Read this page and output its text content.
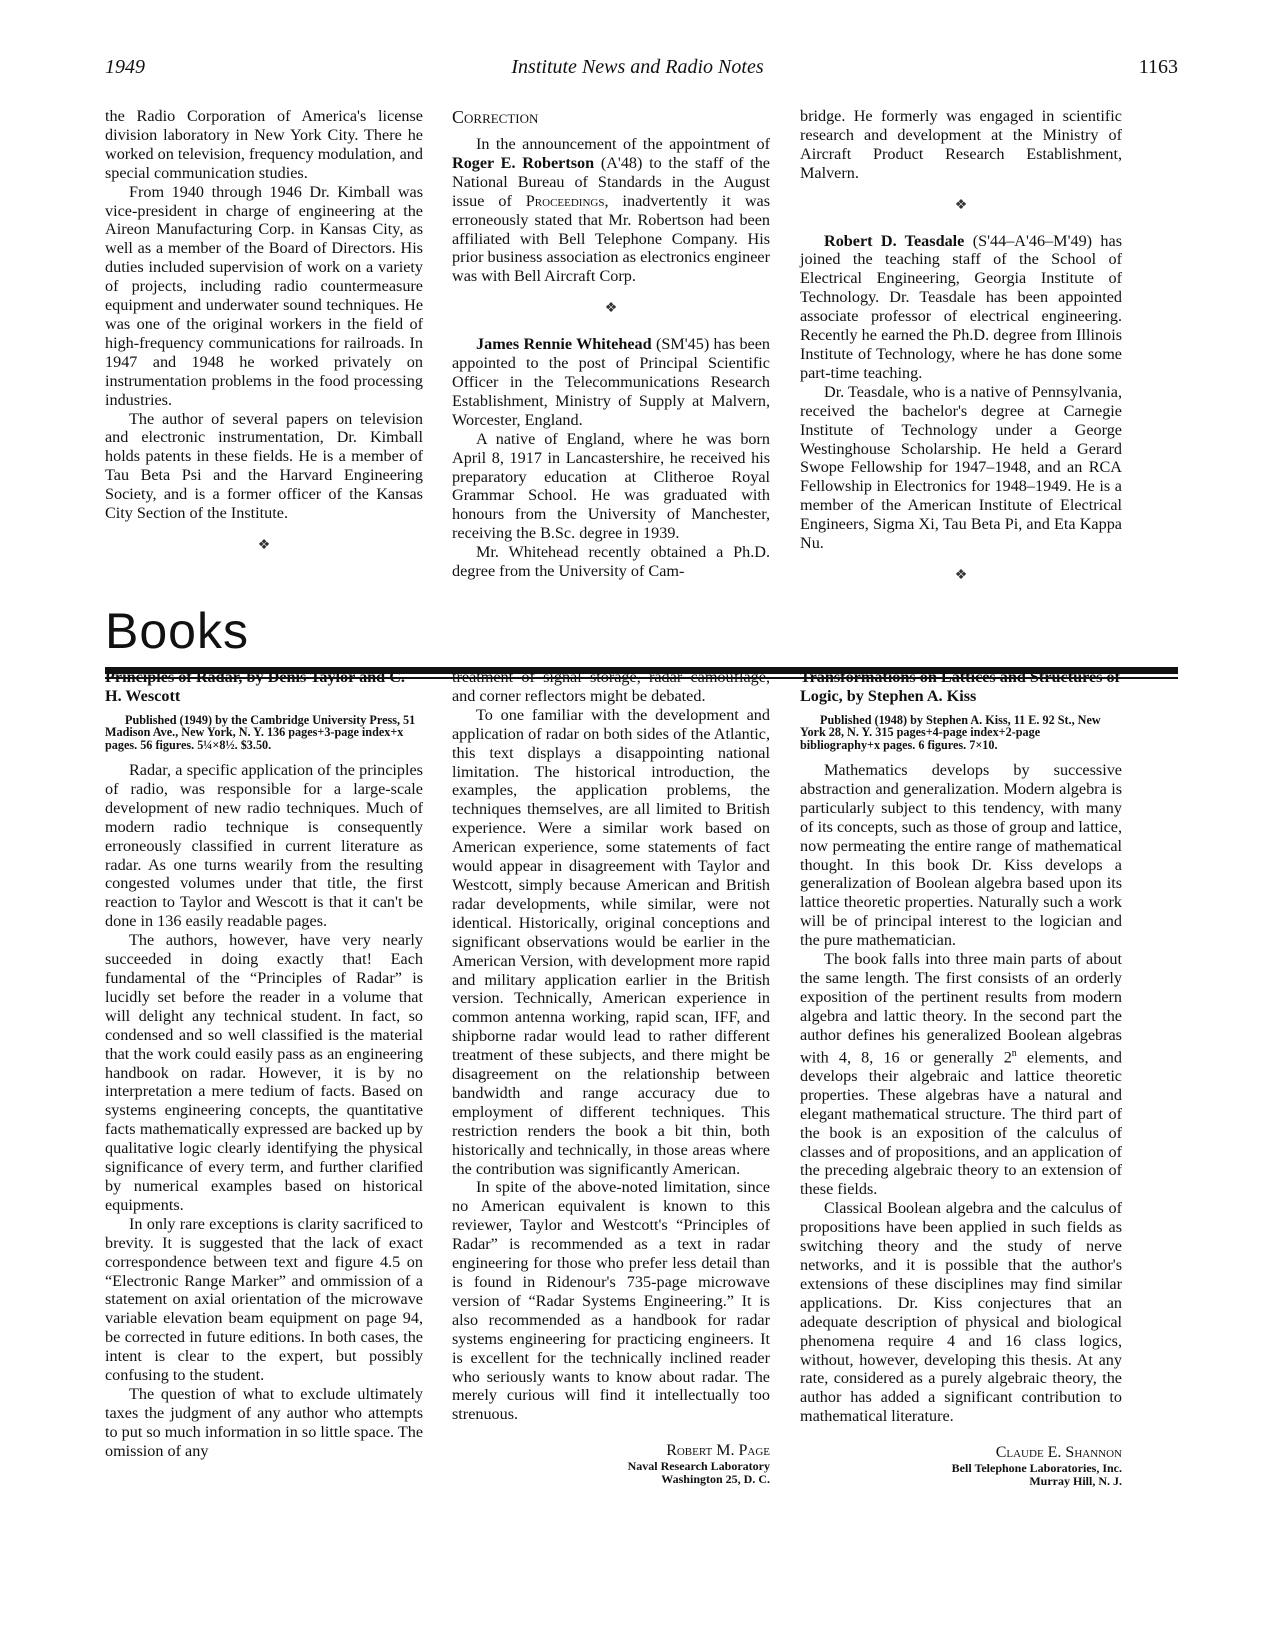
1949	Institute News and Radio Notes	1163

the Radio Corporation of America's license division laboratory in New York City. There he worked on television, frequency modulation, and special communication studies.

From 1940 through 1946 Dr. Kimball was vice-president in charge of engineering at the Aireon Manufacturing Corp. in Kansas City, as well as a member of the Board of Directors. His duties included supervision of work on a variety of projects, including radio countermeasure equipment and underwater sound techniques. He was one of the original workers in the field of high-frequency communications for railroads. In 1947 and 1948 he worked privately on instrumentation problems in the food processing industries.

The author of several papers on television and electronic instrumentation, Dr. Kimball holds patents in these fields. He is a member of Tau Beta Psi and the Harvard Engineering Society, and is a former officer of the Kansas City Section of the Institute.

❖
Correction

In the announcement of the appointment of Roger E. Robertson (A'48) to the staff of the National Bureau of Standards in the August issue of Proceedings, inadvertently it was erroneously stated that Mr. Robertson had been affiliated with Bell Telephone Company. His prior business association as electronics engineer was with Bell Aircraft Corp.

❖

James Rennie Whitehead (SM'45) has been appointed to the post of Principal Scientific Officer in the Telecommunications Research Establishment, Ministry of Supply at Malvern, Worcester, England.

A native of England, where he was born April 8, 1917 in Lancastershire, he received his preparatory education at Clitheroe Royal Grammar School. He was graduated with honours from the University of Manchester, receiving the B.Sc. degree in 1939.

Mr. Whitehead recently obtained a Ph.D. degree from the University of Cam-

bridge. He formerly was engaged in scientific research and development at the Ministry of Aircraft Product Research Establishment, Malvern.

❖

Robert D. Teasdale (S'44–A'46–M'49) has joined the teaching staff of the School of Electrical Engineering, Georgia Institute of Technology. Dr. Teasdale has been appointed associate professor of electrical engineering. Recently he earned the Ph.D. degree from Illinois Institute of Technology, where he has done some part-time teaching.

Dr. Teasdale, who is a native of Pennsylvania, received the bachelor's degree at Carnegie Institute of Technology under a George Westinghouse Scholarship. He held a Gerard Swope Fellowship for 1947–1948, and an RCA Fellowship in Electronics for 1948–1949. He is a member of the American Institute of Electrical Engineers, Sigma Xi, Tau Beta Pi, and Eta Kappa Nu.

❖
Books
Principles of Radar, by Denis Taylor and C. H. Wescott
Published (1949) by the Cambridge University Press, 51 Madison Ave., New York, N. Y. 136 pages+3-page index+x pages. 56 figures. 5¼×8½. $3.50.

Radar, a specific application of the principles of radio, was responsible for a large-scale development of new radio techniques. Much of modern radio technique is consequently erroneously classified in current literature as radar. As one turns wearily from the resulting congested volumes under that title, the first reaction to Taylor and Wescott is that it can't be done in 136 easily readable pages.

The authors, however, have very nearly succeeded in doing exactly that! Each fundamental of the “Principles of Radar” is lucidly set before the reader in a volume that will delight any technical student. In fact, so condensed and so well classified is the material that the work could easily pass as an engineering handbook on radar. However, it is by no interpretation a mere tedium of facts. Based on systems engineering concepts, the quantitative facts mathematically expressed are backed up by qualitative logic clearly identifying the physical significance of every term, and further clarified by numerical examples based on historical equipments.

In only rare exceptions is clarity sacrificed to brevity. It is suggested that the lack of exact correspondence between text and figure 4.5 on “Electronic Range Marker” and ommission of a statement on axial orientation of the microwave variable elevation beam equipment on page 94, be corrected in future editions. In both cases, the intent is clear to the expert, but possibly confusing to the student.

The question of what to exclude ultimately taxes the judgment of any author who attempts to put so much information in so little space. The omission of any

treatment of signal storage, radar camouflage, and corner reflectors might be debated.

To one familiar with the development and application of radar on both sides of the Atlantic, this text displays a disappointing national limitation. The historical introduction, the examples, the application problems, the techniques themselves, are all limited to British experience. Were a similar work based on American experience, some statements of fact would appear in disagreement with Taylor and Westcott, simply because American and British radar developments, while similar, were not identical. Historically, original conceptions and significant observations would be earlier in the American Version, with development more rapid and military application earlier in the British version. Technically, American experience in common antenna working, rapid scan, IFF, and shipborne radar would lead to rather different treatment of these subjects, and there might be disagreement on the relationship between bandwidth and range accuracy due to employment of different techniques. This restriction renders the book a bit thin, both historically and technically, in those areas where the contribution was significantly American.

In spite of the above-noted limitation, since no American equivalent is known to this reviewer, Taylor and Westcott's “Principles of Radar” is recommended as a text in radar engineering for those who prefer less detail than is found in Ridenour's 735-page microwave version of “Radar Systems Engineering.” It is also recommended as a handbook for radar systems engineering for practicing engineers. It is excellent for the technically inclined reader who seriously wants to know about radar. The merely curious will find it intellectually too strenuous.

Robert M. Page
Naval Research Laboratory
Washington 25, D. C.
Transformations on Lattices and Structures of Logic, by Stephen A. Kiss
Published (1948) by Stephen A. Kiss, 11 E. 92 St., New York 28, N. Y. 315 pages+4-page index+2-page bibliography+x pages. 6 figures. 7×10.

Mathematics develops by successive abstraction and generalization. Modern algebra is particularly subject to this tendency, with many of its concepts, such as those of group and lattice, now permeating the entire range of mathematical thought. In this book Dr. Kiss develops a generalization of Boolean algebra based upon its lattice theoretic properties. Naturally such a work will be of principal interest to the logician and the pure mathematician.

The book falls into three main parts of about the same length. The first consists of an orderly exposition of the pertinent results from modern algebra and lattic theory. In the second part the author defines his generalized Boolean algebras with 4, 8, 16 or generally 2$^n$ elements, and develops their algebraic and lattice theoretic properties. These algebras have a natural and elegant mathematical structure. The third part of the book is an exposition of the calculus of classes and of propositions, and an application of the preceding algebraic theory to an extension of these fields.

Classical Boolean algebra and the calculus of propositions have been applied in such fields as switching theory and the study of nerve networks, and it is possible that the author's extensions of these disciplines may find similar applications. Dr. Kiss conjectures that an adequate description of physical and biological phenomena require 4 and 16 class logics, without, however, developing this thesis. At any rate, considered as a purely algebraic theory, the author has added a significant contribution to mathematical literature.

Claude E. Shannon
Bell Telephone Laboratories, Inc.
Murray Hill, N. J.
